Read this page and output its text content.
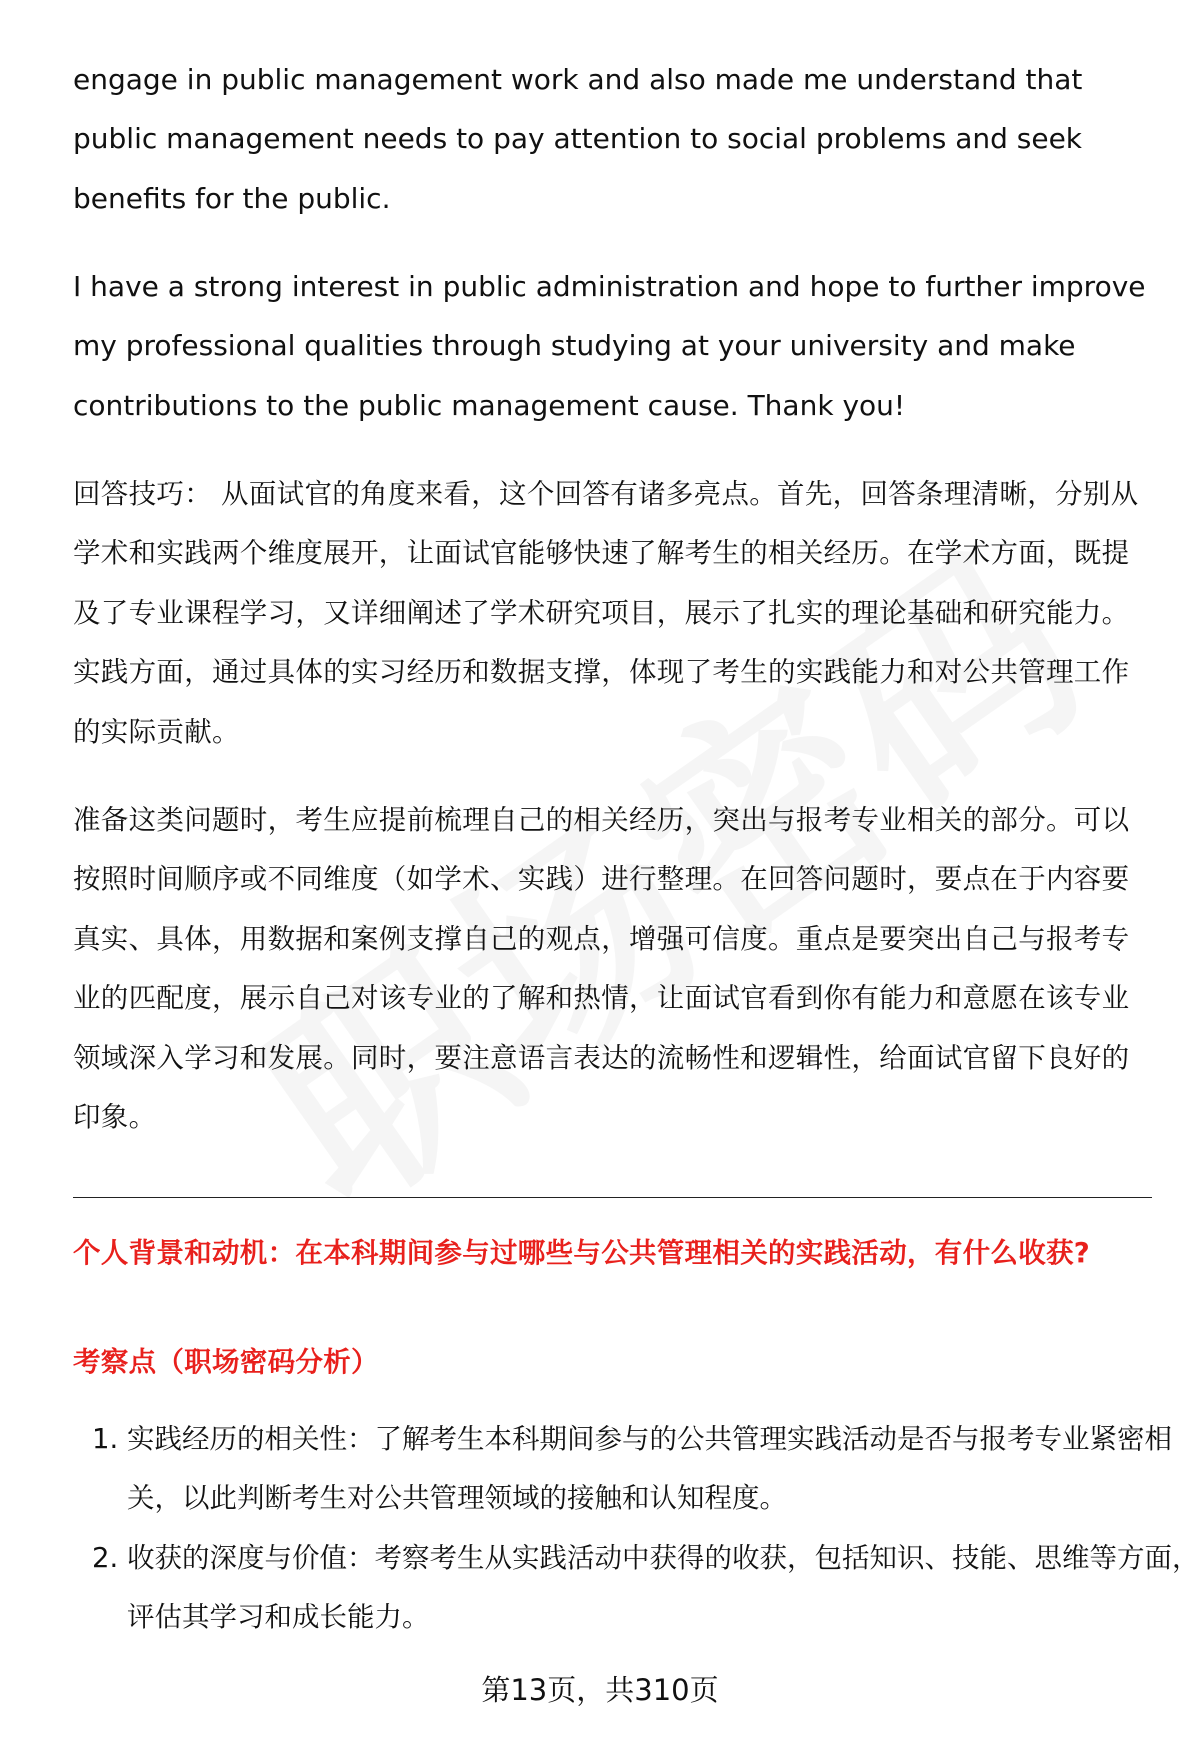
engage in public management work and also made me understand that public management needs to pay attention to social problems and seek benefits for the public.

I have a strong interest in public administration and hope to further improve my professional qualities through studying at your university and make contributions to the public management cause. Thank you!

回答技巧： 从面试官的角度来看，这个回答有诸多亮点。首先，回答条理清晰，分别从学术和实践两个维度展开，让面试官能够快速了解考生的相关经历。在学术方面，既提及了专业课程学习，又详细阐述了学术研究项目，展示了扎实的理论基础和研究能力。实践方面，通过具体的实习经历和数据支撑，体现了考生的实践能力和对公共管理工作的实际贡献。

准备这类问题时，考生应提前梳理自己的相关经历，突出与报考专业相关的部分。可以按照时间顺序或不同维度（如学术、实践）进行整理。在回答问题时，要点在于内容要真实、具体，用数据和案例支撑自己的观点，增强可信度。重点是要突出自己与报考专业的匹配度，展示自己对该专业的了解和热情，让面试官看到你有能力和意愿在该专业领域深入学习和发展。同时，要注意语言表达的流畅性和逻辑性，给面试官留下良好的印象。

个人背景和动机：在本科期间参与过哪些与公共管理相关的实践活动，有什么收获?

考察点（职场密码分析）

1. 实践经历的相关性：了解考生本科期间参与的公共管理实践活动是否与报考专业紧密相关，以此判断考生对公共管理领域的接触和认知程度。
2. 收获的深度与价值：考察考生从实践活动中获得的收获，包括知识、技能、思维等方面，评估其学习和成长能力。
第13页，共310页
